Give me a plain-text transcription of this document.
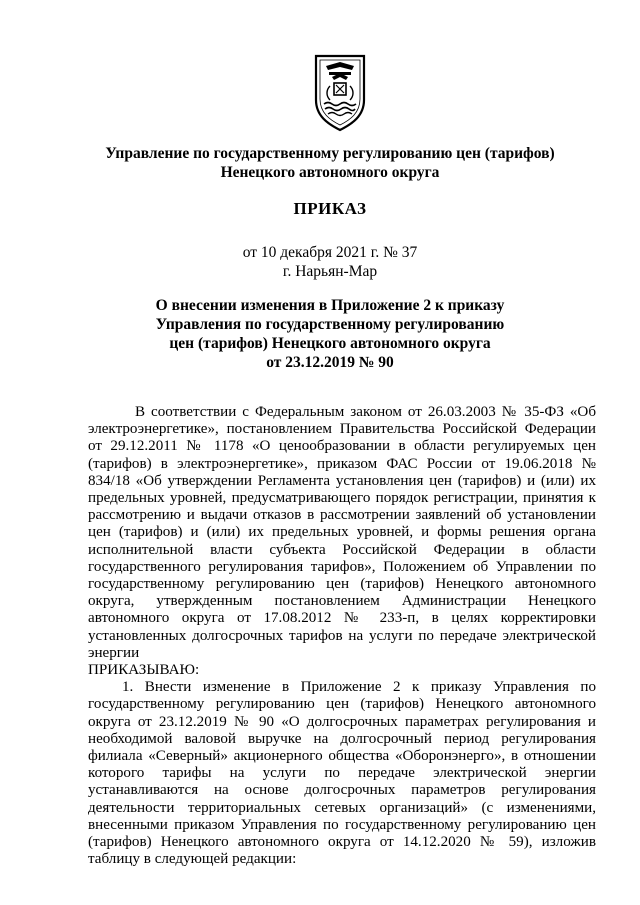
Управление по государственному регулированию цен (тарифов)
Ненецкого автономного округа
ПРИКАЗ
от 10 декабря 2021 г. № 37
г. Нарьян-Мар
О внесении изменения в Приложение 2 к приказу
Управления по государственному регулированию
цен (тарифов) Ненецкого автономного округа
от 23.12.2019 № 90

В соответствии с Федеральным законом от 26.03.2003 № 35-ФЗ «Об электроэнергетике», постановлением Правительства Российской Федерации от 29.12.2011 № 1178 «О ценообразовании в области регулируемых цен (тарифов) в электроэнергетике», приказом ФАС России от 19.06.2018 № 834/18 «Об утверждении Регламента установления цен (тарифов) и (или) их предельных уровней, предусматривающего порядок регистрации, принятия к рассмотрению и выдачи отказов в рассмотрении заявлений об установлении цен (тарифов) и (или) их предельных уровней, и формы решения органа исполнительной власти субъекта Российской Федерации в области государственного регулирования тарифов», Положением об Управлении по государственному регулированию цен (тарифов) Ненецкого автономного округа, утвержденным постановлением Администрации Ненецкого автономного округа от 17.08.2012 № 233-п, в целях корректировки установленных долгосрочных тарифов на услуги по передаче электрической энергии

ПРИКАЗЫВАЮ:

1. Внести изменение в Приложение 2 к приказу Управления по государственному регулированию цен (тарифов) Ненецкого автономного округа от 23.12.2019 № 90 «О долгосрочных параметрах регулирования и необходимой валовой выручке на долгосрочный период регулирования филиала «Северный» акционерного общества «Оборонэнерго», в отношении которого тарифы на услуги по передаче электрической энергии устанавливаются на основе долгосрочных параметров регулирования деятельности территориальных сетевых организаций» (с изменениями, внесенными приказом Управления по государственному регулированию цен (тарифов) Ненецкого автономного округа от 14.12.2020 № 59), изложив таблицу в следующей редакции:
